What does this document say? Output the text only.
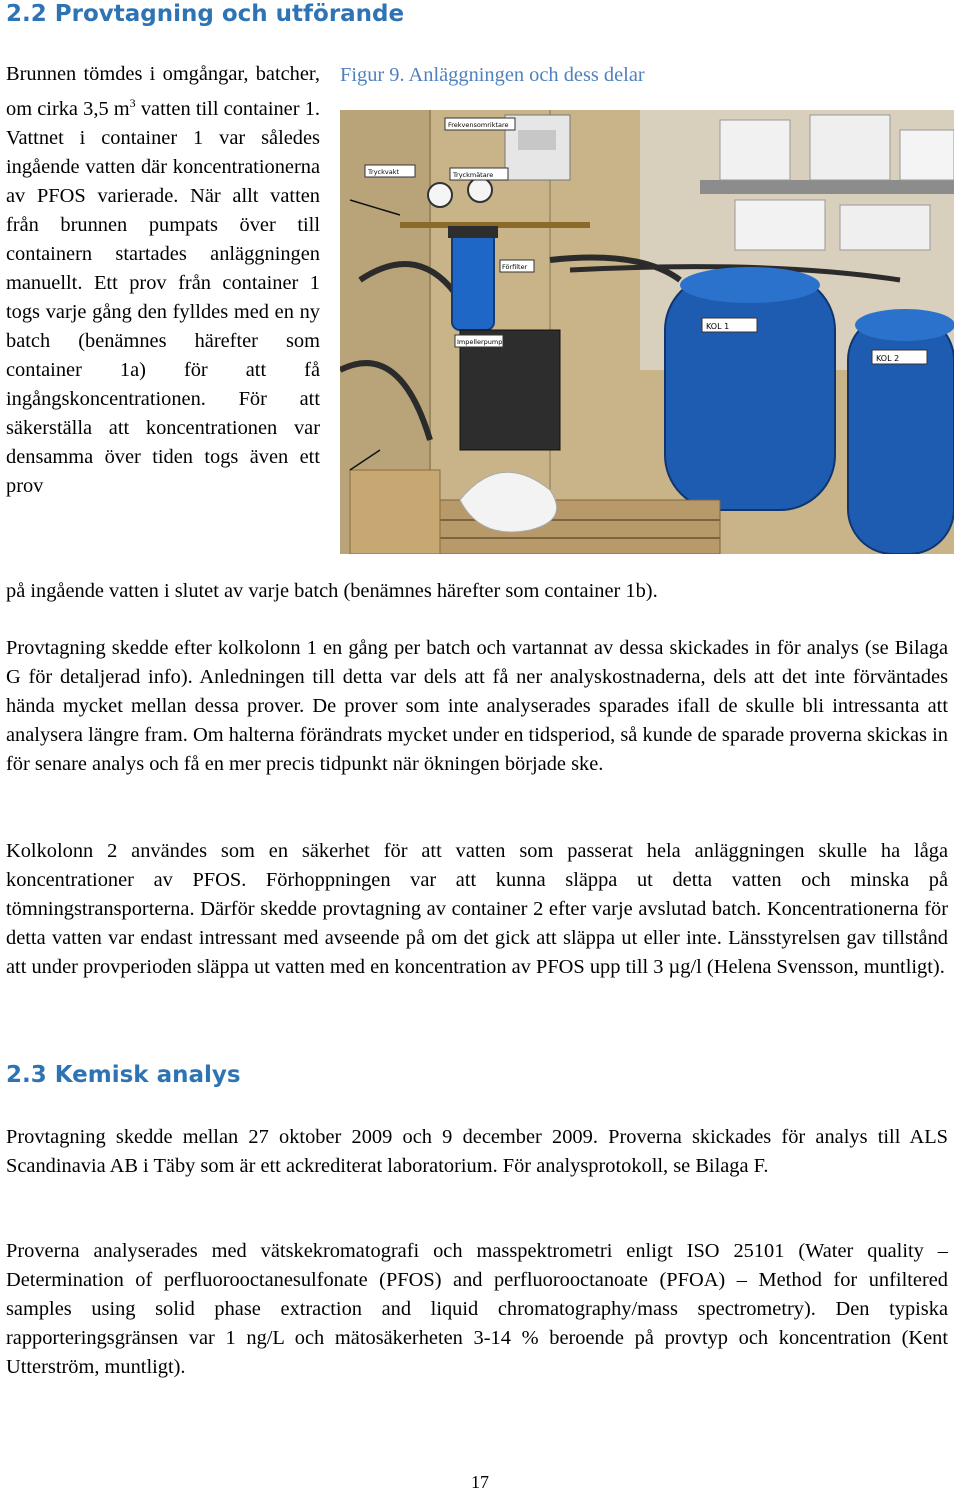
2.2 Provtagning och utförande

Brunnen tömdes i omgångar, batcher, om cirka 3,5 $m^3$ vatten till container 1. Vattnet i container 1 var således ingående vatten där koncentrationerna av PFOS varierade. När allt vatten från brunnen pumpats över till containern startades anläggningen manuellt. Ett prov från container 1 togs varje gång den fylldes med en ny batch (benämnes härefter som container 1a) för att få ingångskoncentrationen. För att säkerställa att koncentrationen var densamma över tiden togs även ett prov

Figur 9. Anläggningen och dess delar
Frekvensomriktare
Tryckvakt	Tryckmätare
Förfilter
Impellerpump
KOL 1
KOL 2

på ingående vatten i slutet av varje batch (benämnes härefter som container 1b).

Provtagning skedde efter kolkolonn 1 en gång per batch och vartannat av dessa skickades in för analys (se Bilaga G för detaljerad info). Anledningen till detta var dels att få ner analyskostnaderna, dels att det inte förväntades hända mycket mellan dessa prover. De prover som inte analyserades sparades ifall de skulle bli intressanta att analysera längre fram. Om halterna förändrats mycket under en tidsperiod, så kunde de sparade proverna skickas in för senare analys och få en mer precis tidpunkt när ökningen började ske.

Kolkolonn 2 användes som en säkerhet för att vatten som passerat hela anläggningen skulle ha låga koncentrationer av PFOS. Förhoppningen var att kunna släppa ut detta vatten och minska på tömningstransporterna. Därför skedde provtagning av container 2 efter varje avslutad batch. Koncentrationerna för detta vatten var endast intressant med avseende på om det gick att släppa ut eller inte. Länsstyrelsen gav tillstånd att under provperioden släppa ut vatten med en koncentration av PFOS upp till 3 µg/l (Helena Svensson, muntligt).

2.3 Kemisk analys

Provtagning skedde mellan 27 oktober 2009 och 9 december 2009. Proverna skickades för analys till ALS Scandinavia AB i Täby som är ett ackrediterat laboratorium. För analysprotokoll, se Bilaga F.

Proverna analyserades med vätskekromatografi och masspektrometri enligt ISO 25101 (Water quality – Determination of perfluorooctanesulfonate (PFOS) and perfluorooctanoate (PFOA) – Method for unfiltered samples using solid phase extraction and liquid chromatography/mass spectrometry). Den typiska rapporteringsgränsen var 1 ng/L och mätosäkerheten 3-14 % beroende på provtyp och koncentration (Kent Utterström, muntligt).

17
